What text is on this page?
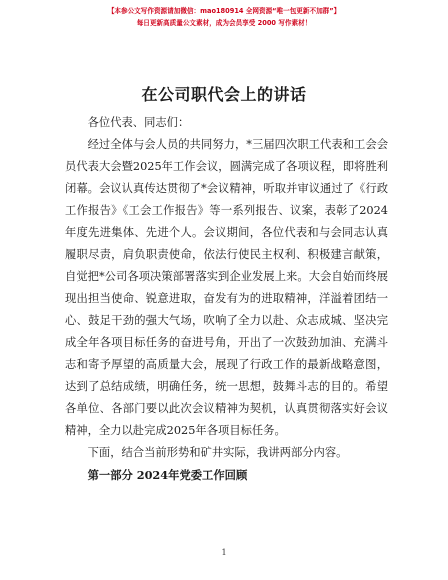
【本参公文写作资源请加微信：mao180914 全网资源“唯一包更新不加群”】
每日更新高质量公文素材，成为会员享受 2000 写作素材！
在公司职代会上的讲话

各位代表、同志们：

经过全体与会人员的共同努力，*三届四次职工代表和工会会员代表大会暨2025年工作会议，圆满完成了各项议程，即将胜利闭幕。会议认真传达贯彻了*会议精神，听取并审议通过了《行政工作报告》《工会工作报告》等一系列报告、议案，表彰了2024年度先进集体、先进个人。会议期间，各位代表和与会同志认真履职尽责，肩负职责使命，依法行使民主权利、积极建言献策，自觉把*公司各项决策部署落实到企业发展上来。大会自始而终展现出担当使命、锐意进取，奋发有为的进取精神，洋溢着团结一心、鼓足干劲的强大气场，吹响了全力以赴、众志成城、坚决完成全年各项目标任务的奋进号角，开出了一次鼓劲加油、充满斗志和寄予厚望的高质量大会，展现了行政工作的最新战略意图，达到了总结成绩，明确任务，统一思想，鼓舞斗志的目的。希望各单位、各部门要以此次会议精神为契机，认真贯彻落实好会议精神，全力以赴完成2025年各项目标任务。

下面，结合当前形势和矿井实际，我讲两部分内容。

第一部分 2024年党委工作回顾

1
